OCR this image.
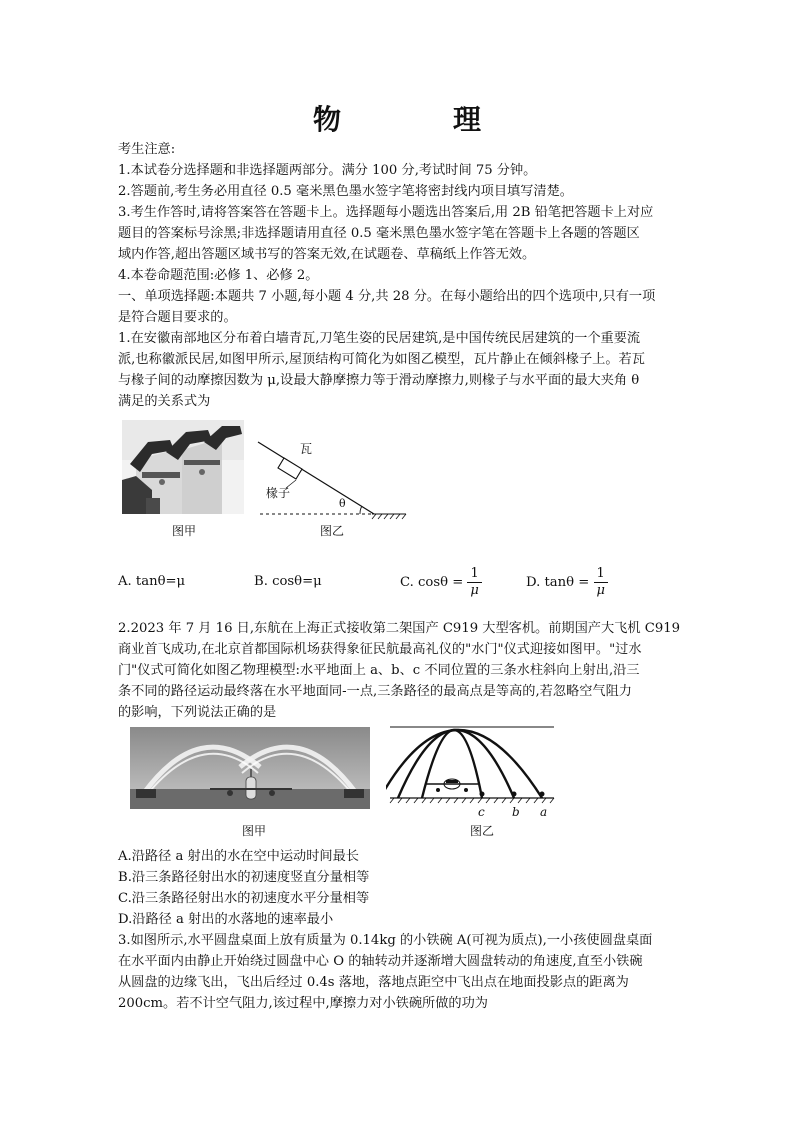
物　理
考生注意:
1.本试卷分选择题和非选择题两部分。满分 100 分,考试时间 75 分钟。
2.答题前,考生务必用直径 0.5 毫米黑色墨水签字笔将密封线内项目填写清楚。
3.考生作答时,请将答案答在答题卡上。选择题每小题选出答案后,用 2B 铅笔把答题卡上对应
题目的答案标号涂黑;非选择题请用直径 0.5 毫米黑色墨水签字笔在答题卡上各题的答题区
域内作答,超出答题区域书写的答案无效,在试题卷、草稿纸上作答无效。
4.本卷命题范围:必修 1、必修 2。
一、单项选择题:本题共 7 小题,每小题 4 分,共 28 分。在每小题给出的四个选项中,只有一项
是符合题目要求的。
1.在安徽南部地区分布着白墙青瓦,刀笔生姿的民居建筑,是中国传统民居建筑的一个重要流
派,也称徽派民居,如图甲所示,屋顶结构可简化为如图乙模型，瓦片静止在倾斜椽子上。若瓦
与椽子间的动摩擦因数为 μ,设最大静摩擦力等于滑动摩擦力,则椽子与水平面的最大夹角 θ
满足的关系式为
图甲
瓦
椽子
θ
图乙
A. tanθ=μ	B. cosθ=μ	C. $\cos\theta = \frac{1}{\mu}$	D. $\tan\theta = \frac{1}{\mu}$
2.2023 年 7 月 16 日,东航在上海正式接收第二架国产 C919 大型客机。前期国产大飞机 C919
商业首飞成功,在北京首都国际机场获得象征民航最高礼仪的"水门"仪式迎接如图甲。"过水
门"仪式可简化如图乙物理模型:水平地面上 a、b、c 不同位置的三条水柱斜向上射出,沿三
条不同的路径运动最终落在水平地面同-一点,三条路径的最高点是等高的,若忽略空气阻力
的影响，下列说法正确的是
图甲
c b a
图乙
A.沿路径 a 射出的水在空中运动时间最长
B.沿三条路径射出水的初速度竖直分量相等
C.沿三条路径射出水的初速度水平分量相等
D.沿路径 a 射出的水落地的速率最小
3.如图所示,水平圆盘桌面上放有质量为 0.14kg 的小铁碗 A(可视为质点),一小孩使圆盘桌面
在水平面内由静止开始绕过圆盘中心 O 的轴转动并逐渐增大圆盘转动的角速度,直至小铁碗
从圆盘的边缘飞出，飞出后经过 0.4s 落地，落地点距空中飞出点在地面投影点的距离为
200cm。若不计空气阻力,该过程中,摩擦力对小铁碗所做的功为
